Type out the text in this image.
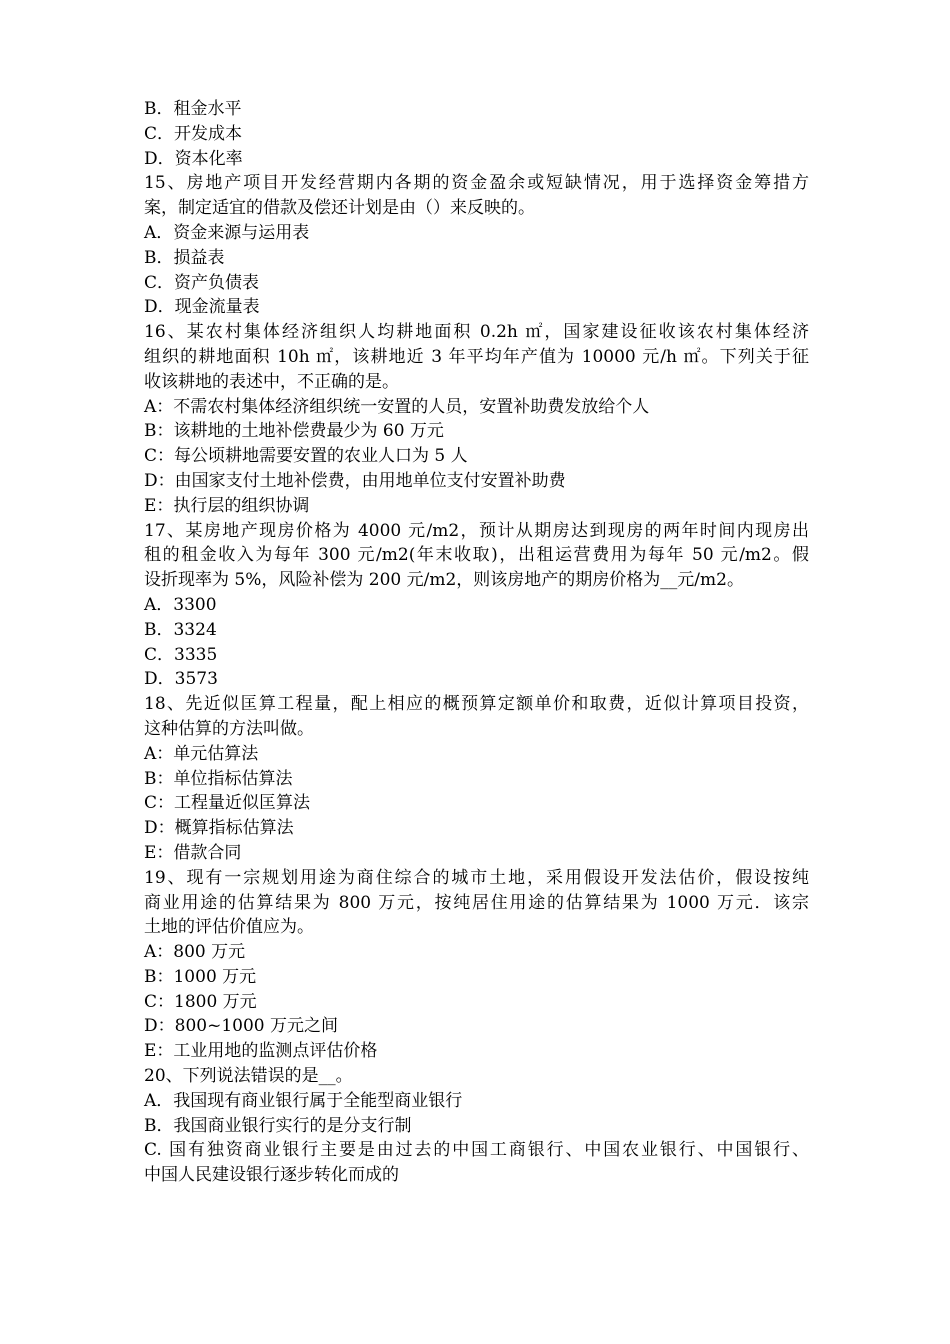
B．租金水平
C．开发成本
D．资本化率
15、房地产项目开发经营期内各期的资金盈余或短缺情况，用于选择资金筹措方
案，制定适宜的借款及偿还计划是由（）来反映的。
A．资金来源与运用表
B．损益表
C．资产负债表
D．现金流量表
16、某农村集体经济组织人均耕地面积 0.2h ㎡，国家建设征收该农村集体经济
组织的耕地面积 10h ㎡，该耕地近 3 年平均年产值为 10000 元/h ㎡。下列关于征
收该耕地的表述中，不正确的是。
A：不需农村集体经济组织统一安置的人员，安置补助费发放给个人
B：该耕地的土地补偿费最少为 60 万元
C：每公顷耕地需要安置的农业人口为 5 人
D：由国家支付土地补偿费，由用地单位支付安置补助费
E：执行层的组织协调
17、某房地产现房价格为 4000 元/m2，预计从期房达到现房的两年时间内现房出
租的租金收入为每年 300 元/m2(年末收取)，出租运营费用为每年 50 元/m2。假
设折现率为 5%，风险补偿为 200 元/m2，则该房地产的期房价格为__元/m2。
A．3300
B．3324
C．3335
D．3573
18、先近似匡算工程量，配上相应的概预算定额单价和取费，近似计算项目投资，
这种估算的方法叫做。
A：单元估算法
B：单位指标估算法
C：工程量近似匡算法
D：概算指标估算法
E：借款合同
19、现有一宗规划用途为商住综合的城市土地，采用假设开发法估价，假设按纯
商业用途的估算结果为 800 万元，按纯居住用途的估算结果为 1000 万元．该宗
土地的评估价值应为。
A：800 万元
B：1000 万元
C：1800 万元
D：800~1000 万元之间
E：工业用地的监测点评估价格
20、下列说法错误的是__。
A．我国现有商业银行属于全能型商业银行
B．我国商业银行实行的是分支行制
C. 国有独资商业银行主要是由过去的中国工商银行、中国农业银行、中国银行、
中国人民建设银行逐步转化而成的
